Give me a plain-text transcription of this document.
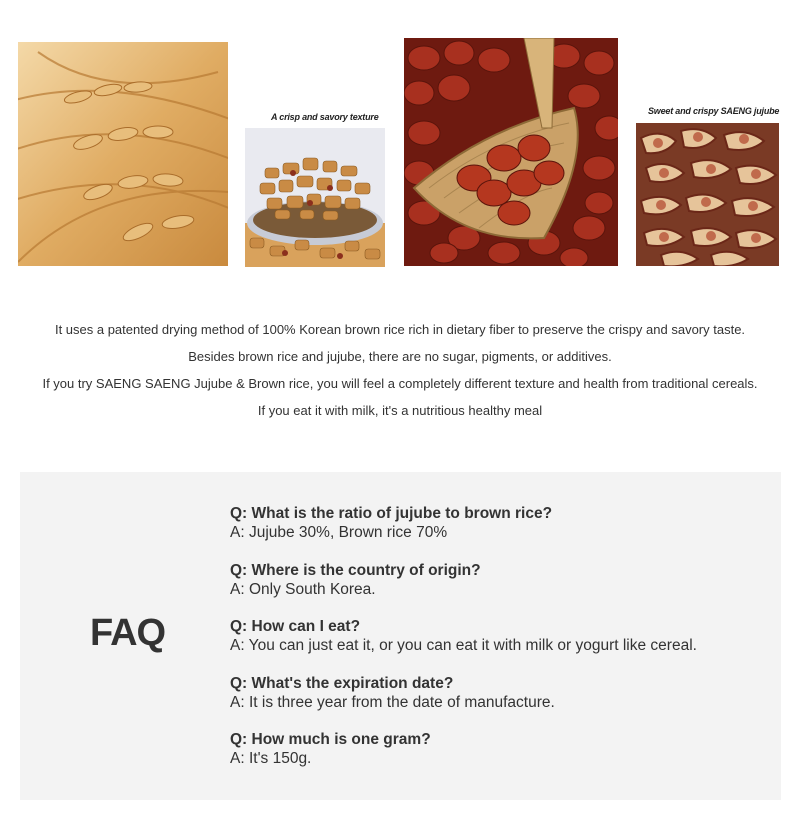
A crisp and savory texture
Sweet and crispy SAENG jujube

It uses a patented drying method of 100% Korean brown rice rich in dietary fiber to preserve the crispy and savory taste.

Besides brown rice and jujube, there are no sugar, pigments, or additives.

If you try SAENG SAENG Jujube & Brown rice, you will feel a completely different texture and health from traditional cereals.

If you eat it with milk, it's a nutritious healthy meal

FAQ
Q: What is the ratio of jujube to brown rice?
A: Jujube 30%, Brown rice 70%
Q: Where is the country of origin?
A: Only South Korea.
Q: How can I eat?
A: You can just eat it, or you can eat it with milk or yogurt like cereal.
Q: What's the expiration date?
A: It is three year from the date of manufacture.
Q: How much is one gram?
A: It's 150g.
